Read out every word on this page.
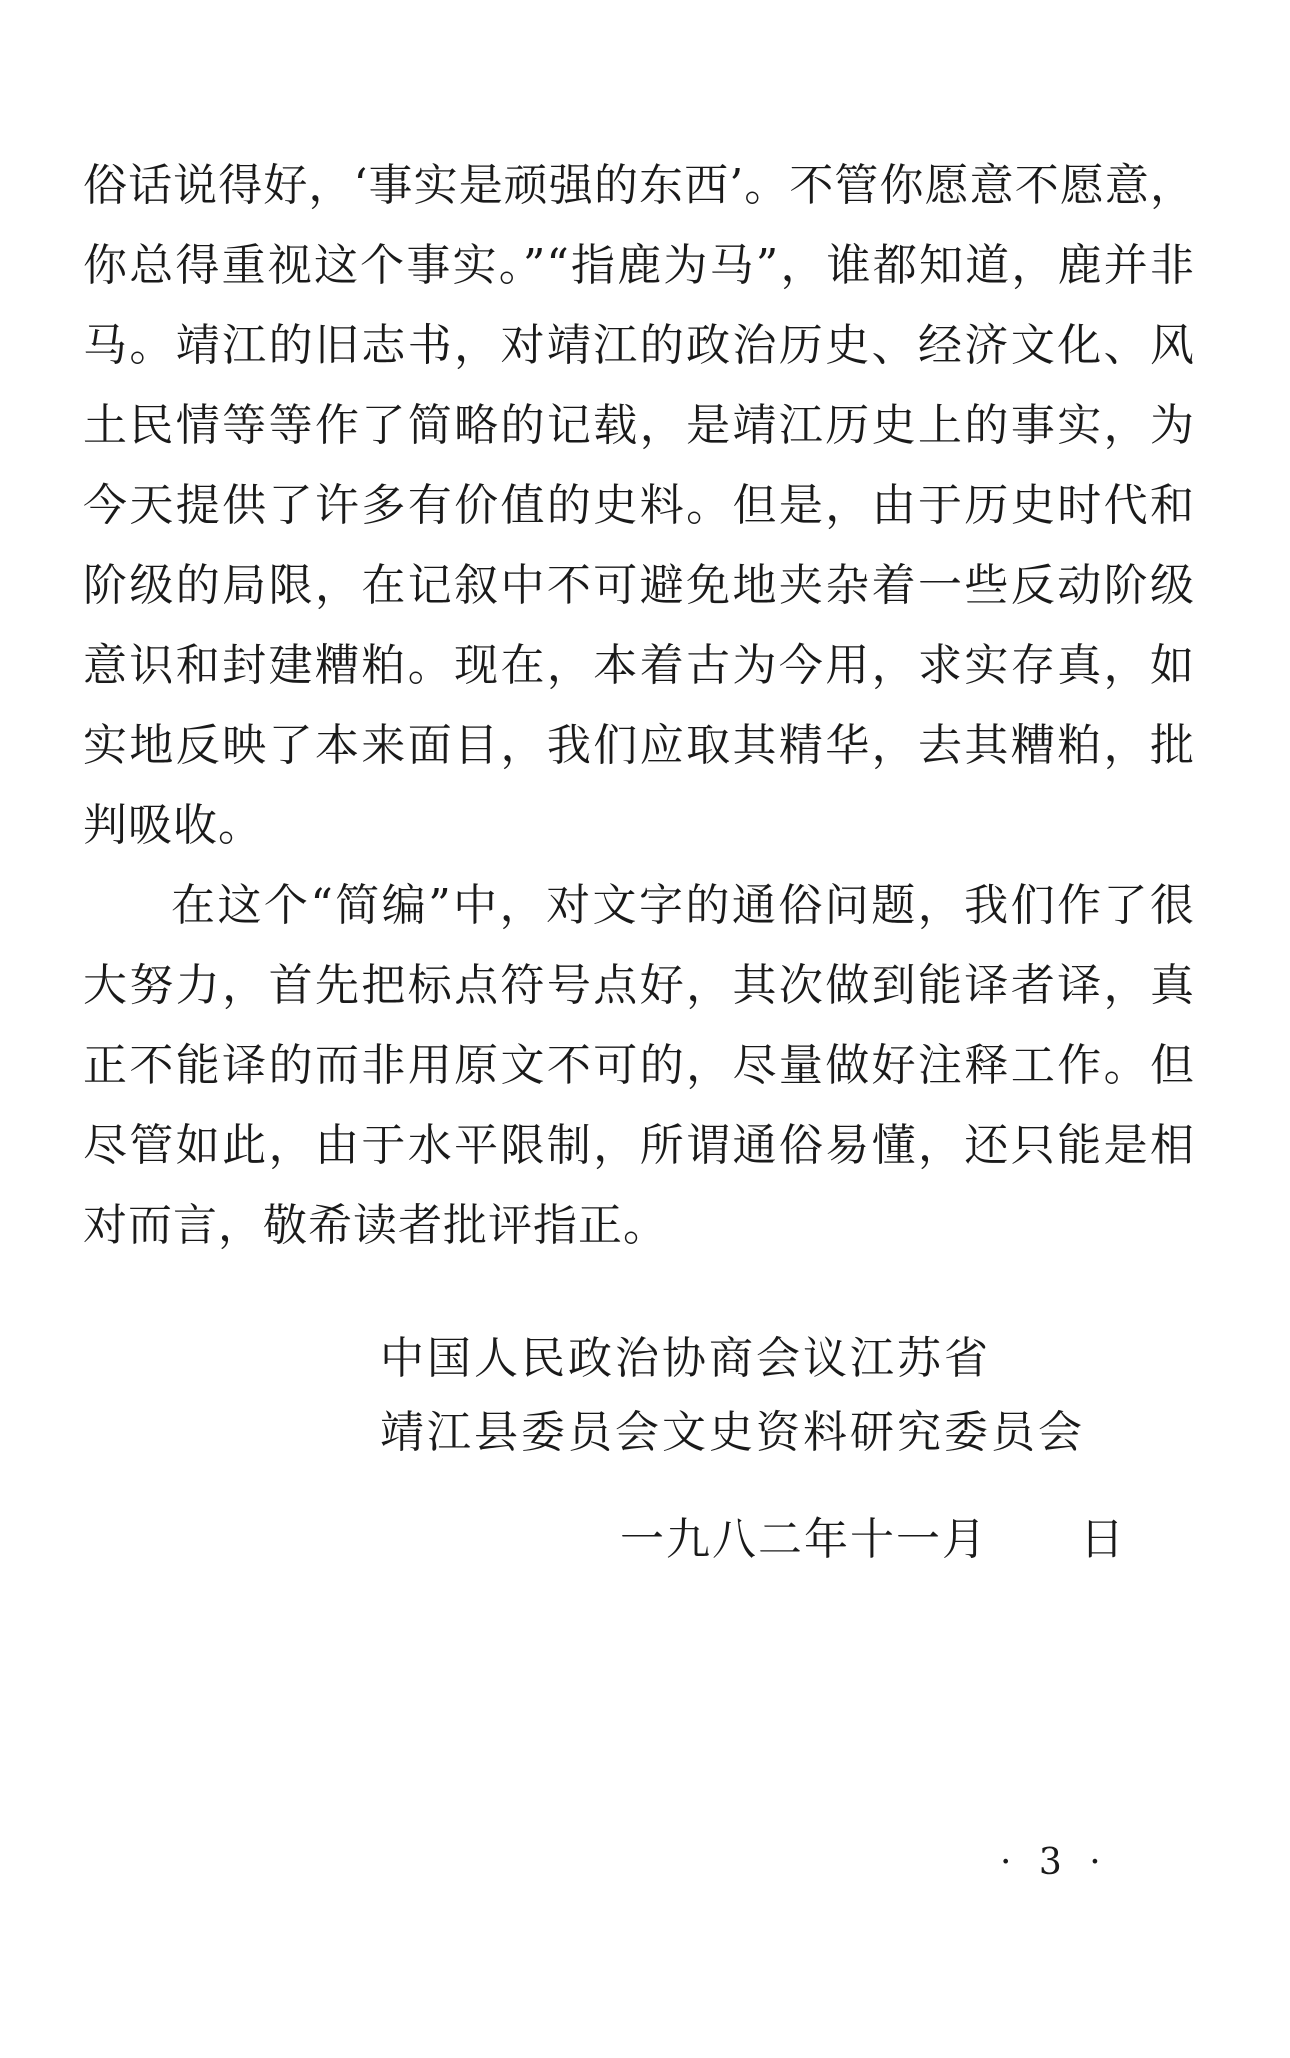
俗话说得好，‘事实是顽强的东西’。不管你愿意不愿意，你总得重视这个事实。”“指鹿为马”，谁都知道，鹿并非马。靖江的旧志书，对靖江的政治历史、经济文化、风土民情等等作了简略的记载，是靖江历史上的事实，为今天提供了许多有价值的史料。但是，由于历史时代和阶级的局限，在记叙中不可避免地夹杂着一些反动阶级意识和封建糟粕。现在，本着古为今用，求实存真，如实地反映了本来面目，我们应取其精华，去其糟粕，批判吸收。

在这个“简编”中，对文字的通俗问题，我们作了很大努力，首先把标点符号点好，其次做到能译者译，真正不能译的而非用原文不可的，尽量做好注释工作。但尽管如此，由于水平限制，所谓通俗易懂，还只能是相对而言，敬希读者批评指正。

中国人民政治协商会议江苏省
靖江县委员会文史资料研究委员会
一九八二年十一月　　日
· 3 ·
